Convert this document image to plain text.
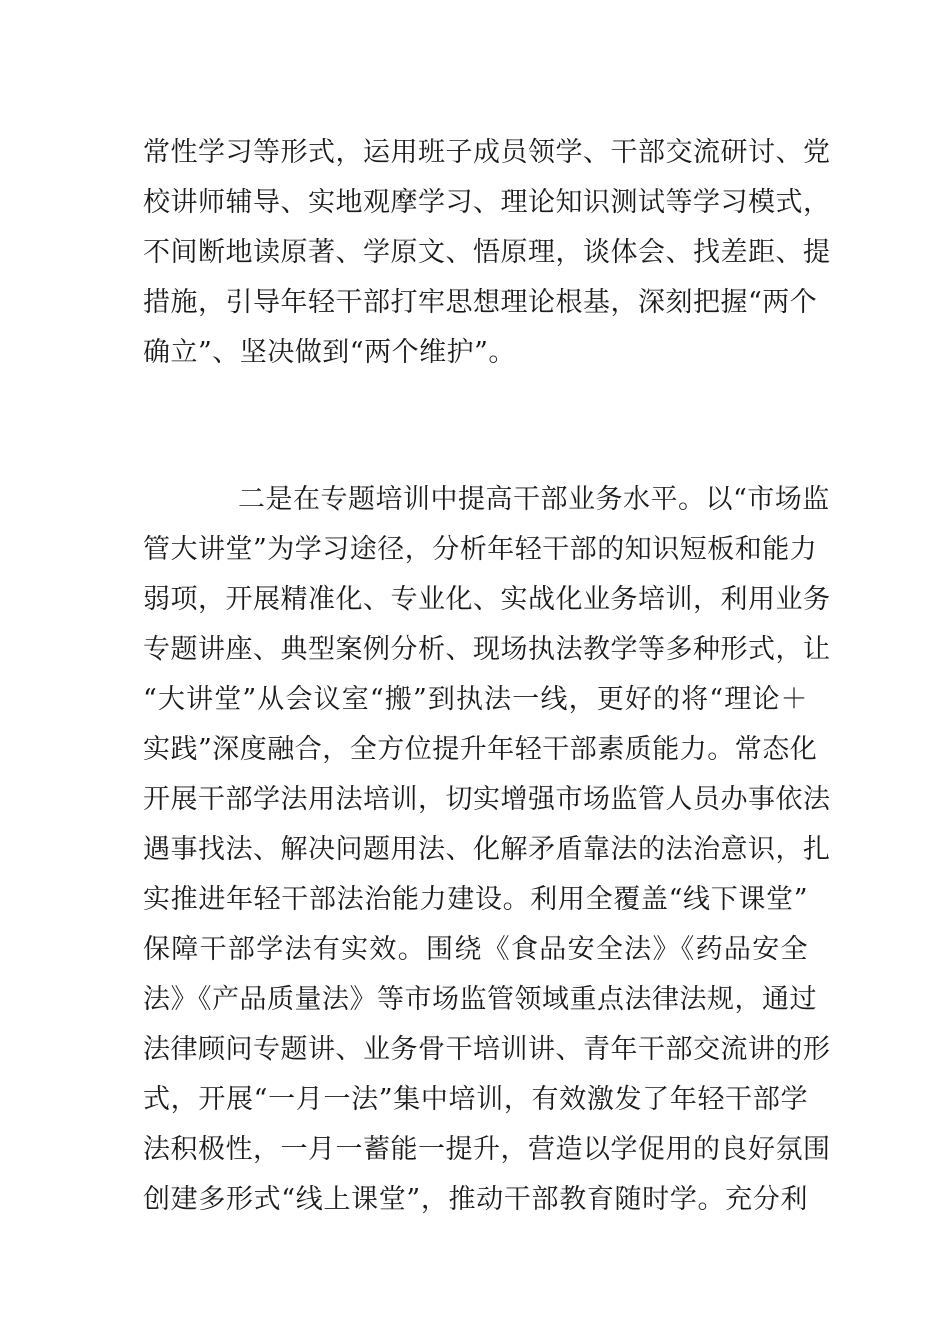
常性学习等形式，运用班子成员领学、干部交流研讨、党
校讲师辅导、实地观摩学习、理论知识测试等学习模式，
不间断地读原著、学原文、悟原理，谈体会、找差距、提
措施，引导年轻干部打牢思想理论根基，深刻把握“两个
确立”、坚决做到“两个维护”。
二是在专题培训中提高干部业务水平。以“市场监
管大讲堂”为学习途径，分析年轻干部的知识短板和能力
弱项，开展精准化、专业化、实战化业务培训，利用业务
专题讲座、典型案例分析、现场执法教学等多种形式，让
“大讲堂”从会议室“搬”到执法一线，更好的将“理论＋
实践”深度融合，全方位提升年轻干部素质能力。常态化
开展干部学法用法培训，切实增强市场监管人员办事依法
遇事找法、解决问题用法、化解矛盾靠法的法治意识，扎
实推进年轻干部法治能力建设。利用全覆盖“线下课堂”
保障干部学法有实效。围绕《食品安全法》《药品安全
法》《产品质量法》等市场监管领域重点法律法规，通过
法律顾问专题讲、业务骨干培训讲、青年干部交流讲的形
式，开展“一月一法”集中培训，有效激发了年轻干部学
法积极性，一月一蓄能一提升，营造以学促用的良好氛围
创建多形式“线上课堂”，推动干部教育随时学。充分利
